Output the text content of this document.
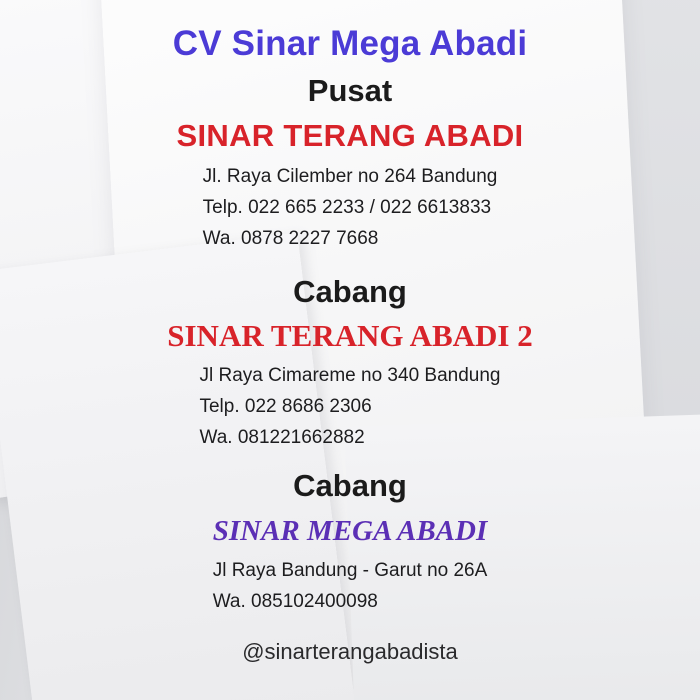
CV Sinar Mega Abadi

Pusat

SINAR TERANG ABADI

Jl. Raya Cilember no 264 Bandung
Telp. 022 665 2233 / 022 6613833
Wa. 0878 2227 7668

Cabang

SINAR TERANG ABADI 2

Jl Raya Cimareme no 340 Bandung
Telp. 022 8686 2306
Wa. 081221662882

Cabang

SINAR MEGA ABADI

Jl Raya Bandung - Garut no 26A
Wa. 085102400098
@sinarterangabadista
